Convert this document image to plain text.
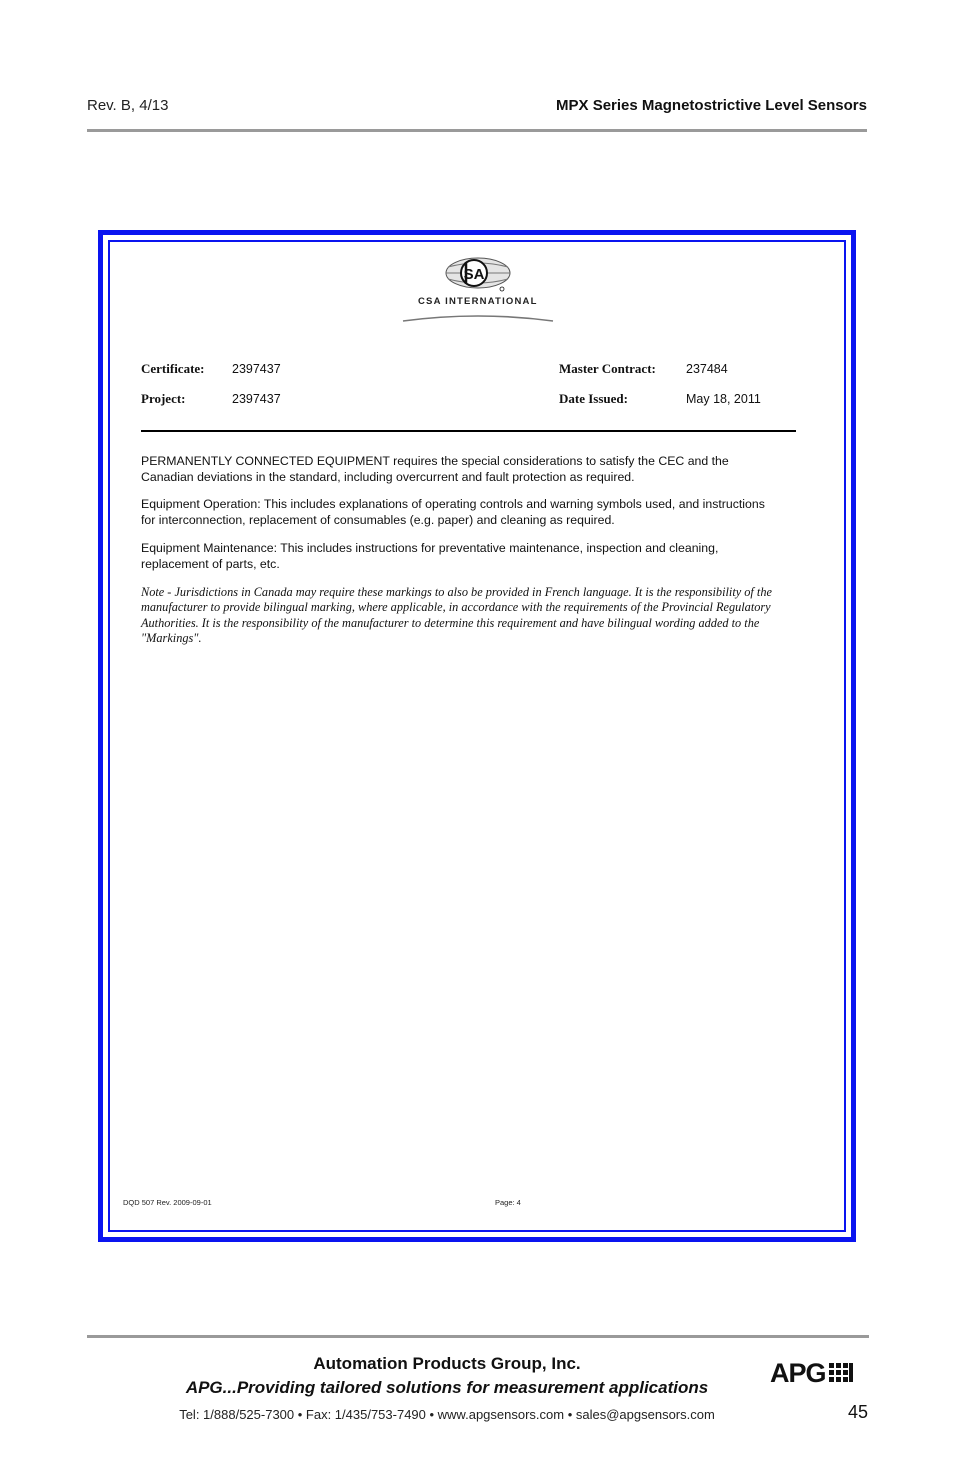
Rev. B, 4/13	MPX Series Magnetostrictive Level Sensors
SA
CSA INTERNATIONAL
Certificate: 2397437
Project:	2397437
Master Contract: 237484
Date Issued:	May 18, 2011
PERMANENTLY CONNECTED EQUIPMENT requires the special considerations to satisfy the CEC and the Canadian deviations in the standard, including overcurrent and fault protection as required.
Equipment Operation: This includes explanations of operating controls and warning symbols used, and instructions for interconnection, replacement of consumables (e.g. paper) and cleaning as required.
Equipment Maintenance: This includes instructions for preventative maintenance, inspection and cleaning, replacement of parts, etc.
Note - Jurisdictions in Canada may require these markings to also be provided in French language. It is the responsibility of the manufacturer to provide bilingual marking, where applicable, in accordance with the requirements of the Provincial Regulatory Authorities. It is the responsibility of the manufacturer to determine this requirement and have bilingual wording added to the "Markings".
DQD 507 Rev. 2009-09-01	Page: 4
Automation Products Group, Inc.
APG...Providing tailored solutions for measurement applications
Tel: 1/888/525-7300 • Fax: 1/435/753-7490 • www.apgsensors.com • sales@apgsensors.com
APG
45
